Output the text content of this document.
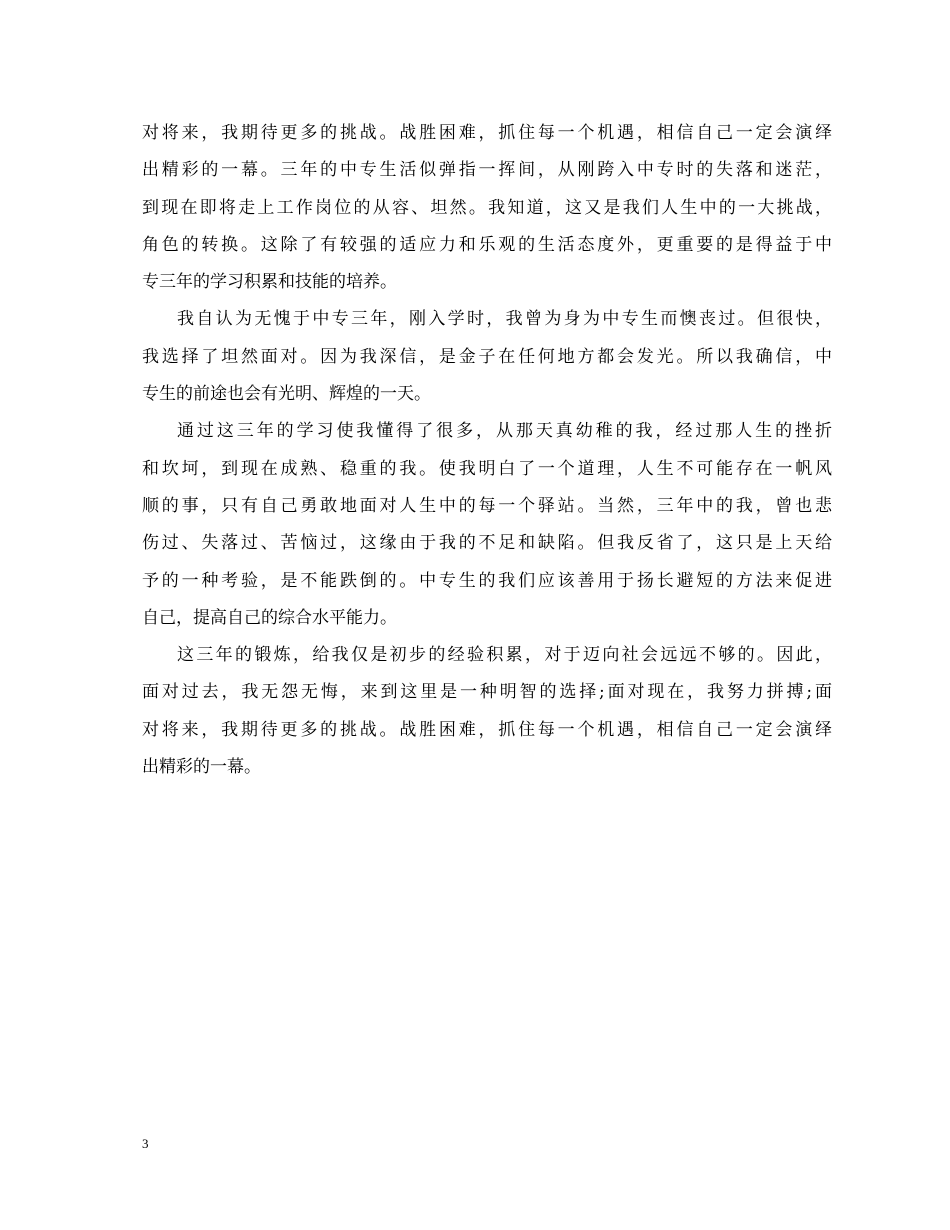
对将来，我期待更多的挑战。战胜困难，抓住每一个机遇，相信自己一定会演绎
出精彩的一幕。三年的中专生活似弹指一挥间，从刚跨入中专时的失落和迷茫，
到现在即将走上工作岗位的从容、坦然。我知道，这又是我们人生中的一大挑战，
角色的转换。这除了有较强的适应力和乐观的生活态度外，更重要的是得益于中
专三年的学习积累和技能的培养。
我自认为无愧于中专三年，刚入学时，我曾为身为中专生而懊丧过。但很快，
我选择了坦然面对。因为我深信，是金子在任何地方都会发光。所以我确信，中
专生的前途也会有光明、辉煌的一天。
通过这三年的学习使我懂得了很多，从那天真幼稚的我，经过那人生的挫折
和坎坷，到现在成熟、稳重的我。使我明白了一个道理，人生不可能存在一帆风
顺的事，只有自己勇敢地面对人生中的每一个驿站。当然，三年中的我，曾也悲
伤过、失落过、苦恼过，这缘由于我的不足和缺陷。但我反省了，这只是上天给
予的一种考验，是不能跌倒的。中专生的我们应该善用于扬长避短的方法来促进
自己，提高自己的综合水平能力。
这三年的锻炼，给我仅是初步的经验积累，对于迈向社会远远不够的。因此，
面对过去，我无怨无悔，来到这里是一种明智的选择;面对现在，我努力拼搏;面
对将来，我期待更多的挑战。战胜困难，抓住每一个机遇，相信自己一定会演绎
出精彩的一幕。
3
